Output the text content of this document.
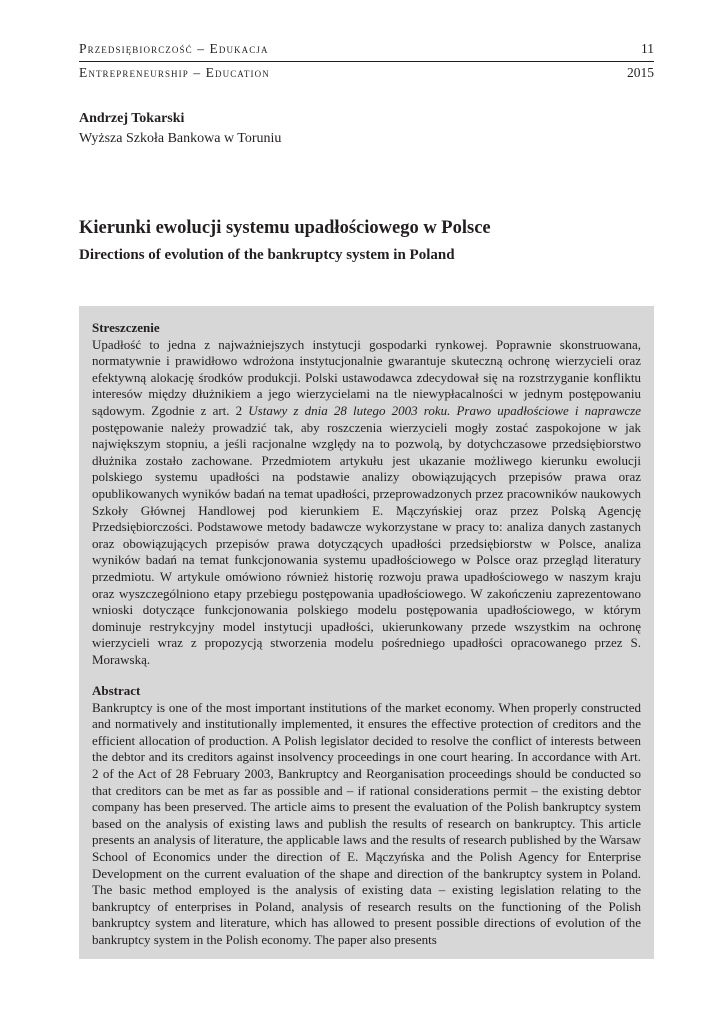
Przedsiębiorczość – Edukacja	11
Entrepreneurship – Education	2015
Andrzej Tokarski
Wyższa Szkoła Bankowa w Toruniu
Kierunki ewolucji systemu upadłościowego w Polsce
Directions of evolution of the bankruptcy system in Poland
Streszczenie

Upadłość to jedna z najważniejszych instytucji gospodarki rynkowej. Poprawnie skonstruowana, normatywnie i prawidłowo wdrożona instytucjonalnie gwarantuje skuteczną ochronę wierzycieli oraz efektywną alokację środków produkcji. Polski ustawodawca zdecydował się na rozstrzyganie konfliktu interesów między dłużnikiem a jego wierzycielami na tle niewypłacalności w jednym postępowaniu sądowym. Zgodnie z art. 2 Ustawy z dnia 28 lutego 2003 roku. Prawo upadłościowe i naprawcze postępowanie należy prowadzić tak, aby roszczenia wierzycieli mogły zostać zaspokojone w jak największym stopniu, a jeśli racjonalne względy na to pozwolą, by dotychczasowe przedsiębiorstwo dłużnika zostało zachowane. Przedmiotem artykułu jest ukazanie możliwego kierunku ewolucji polskiego systemu upadłości na podstawie analizy obowiązujących przepisów prawa oraz opublikowanych wyników badań na temat upadłości, przeprowadzonych przez pracowników naukowych Szkoły Głównej Handlowej pod kierunkiem E. Mączyńskiej oraz przez Polską Agencję Przedsiębiorczości. Podstawowe metody badawcze wykorzystane w pracy to: analiza danych zastanych oraz obowiązujących przepisów prawa dotyczących upadłości przedsiębiorstw w Polsce, analiza wyników badań na temat funkcjonowania systemu upadłościowego w Polsce oraz przegląd literatury przedmiotu. W artykule omówiono również historię rozwoju prawa upadłościowego w naszym kraju oraz wyszczególniono etapy przebiegu postępowania upadłościowego. W zakończeniu zaprezentowano wnioski dotyczące funkcjonowania polskiego modelu postępowania upadłościowego, w którym dominuje restrykcyjny model instytucji upadłości, ukierunkowany przede wszystkim na ochronę wierzycieli wraz z propozycją stworzenia modelu pośredniego upadłości opracowanego przez S. Morawską.

Abstract

Bankruptcy is one of the most important institutions of the market economy. When properly constructed and normatively and institutionally implemented, it ensures the effective protection of creditors and the efficient allocation of production. A Polish legislator decided to resolve the conflict of interests between the debtor and its creditors against insolvency proceedings in one court hearing. In accordance with Art. 2 of the Act of 28 February 2003, Bankruptcy and Reorganisation proceedings should be conducted so that creditors can be met as far as possible and – if rational considerations permit – the existing debtor company has been preserved. The article aims to present the evaluation of the Polish bankruptcy system based on the analysis of existing laws and publish the results of research on bankruptcy. This article presents an analysis of literature, the applicable laws and the results of research published by the Warsaw School of Economics under the direction of E. Mączyńska and the Polish Agency for Enterprise Development on the current evaluation of the shape and direction of the bankruptcy system in Poland. The basic method employed is the analysis of existing data – existing legislation relating to the bankruptcy of enterprises in Poland, analysis of research results on the functioning of the Polish bankruptcy system and literature, which has allowed to present possible directions of evolution of the bankruptcy system in the Polish economy. The paper also presents
